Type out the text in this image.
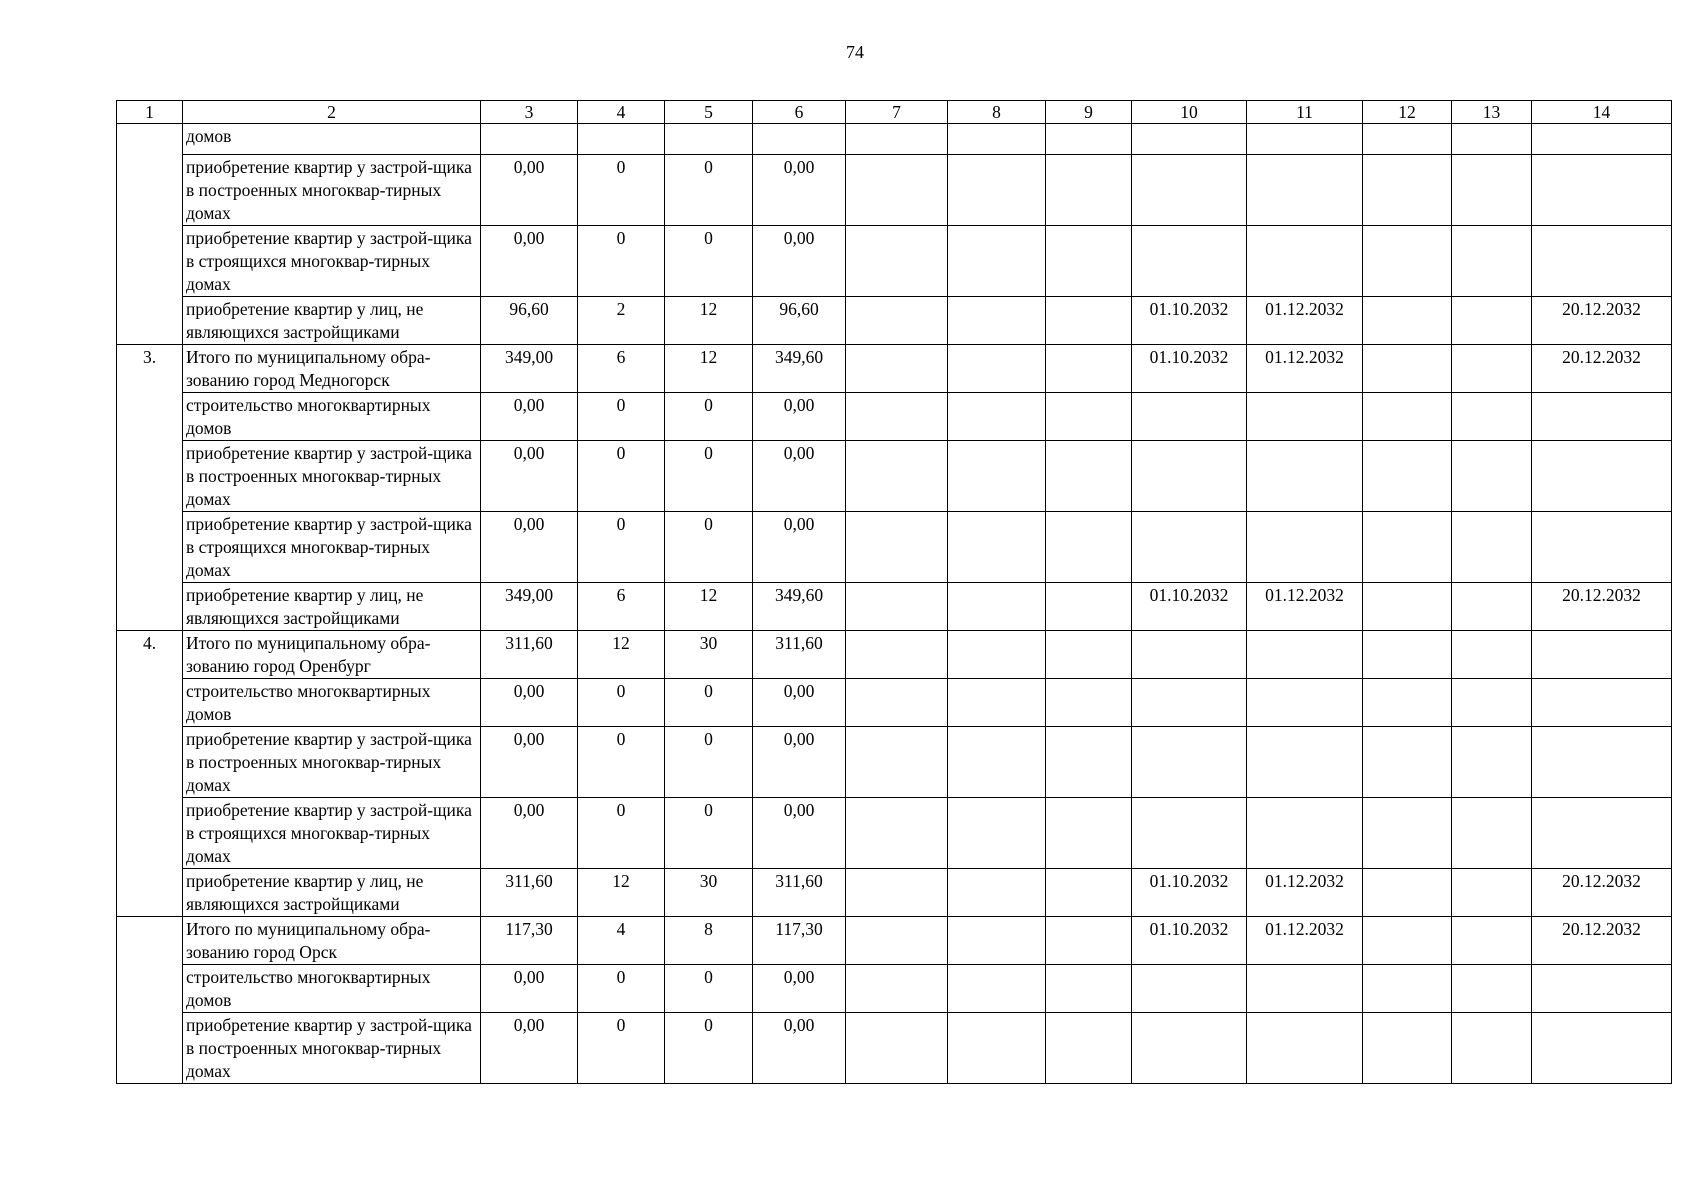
74
1	2	3	4	5	6	7	8	9	10	11	12	13	14
	домов												
	приобретение квартир у застрой-щика в построенных многоквар-тирных домах	0,00	0	0	0,00								
	приобретение квартир у застрой-щика в строящихся многоквар-тирных домах	0,00	0	0	0,00								
	приобретение квартир у лиц, не являющихся застройщиками	96,60	2	12	96,60				01.10.2032	01.12.2032			20.12.2032
3.	Итого по муниципальному обра-зованию город Медногорск	349,00	6	12	349,60				01.10.2032	01.12.2032			20.12.2032
	строительство многоквартирных домов	0,00	0	0	0,00								
	приобретение квартир у застрой-щика в построенных многоквар-тирных домах	0,00	0	0	0,00								
	приобретение квартир у застрой-щика в строящихся многоквар-тирных домах	0,00	0	0	0,00								
	приобретение квартир у лиц, не являющихся застройщиками	349,00	6	12	349,60				01.10.2032	01.12.2032			20.12.2032
4.	Итого по муниципальному обра-зованию город Оренбург	311,60	12	30	311,60								
	строительство многоквартирных домов	0,00	0	0	0,00								
	приобретение квартир у застрой-щика в построенных многоквар-тирных домах	0,00	0	0	0,00								
	приобретение квартир у застрой-щика в строящихся многоквар-тирных домах	0,00	0	0	0,00								
	приобретение квартир у лиц, не являющихся застройщиками	311,60	12	30	311,60				01.10.2032	01.12.2032			20.12.2032
	Итого по муниципальному обра-зованию город Орск	117,30	4	8	117,30				01.10.2032	01.12.2032			20.12.2032
	строительство многоквартирных домов	0,00	0	0	0,00								
	приобретение квартир у застрой-щика в построенных многоквар-тирных домах	0,00	0	0	0,00								
